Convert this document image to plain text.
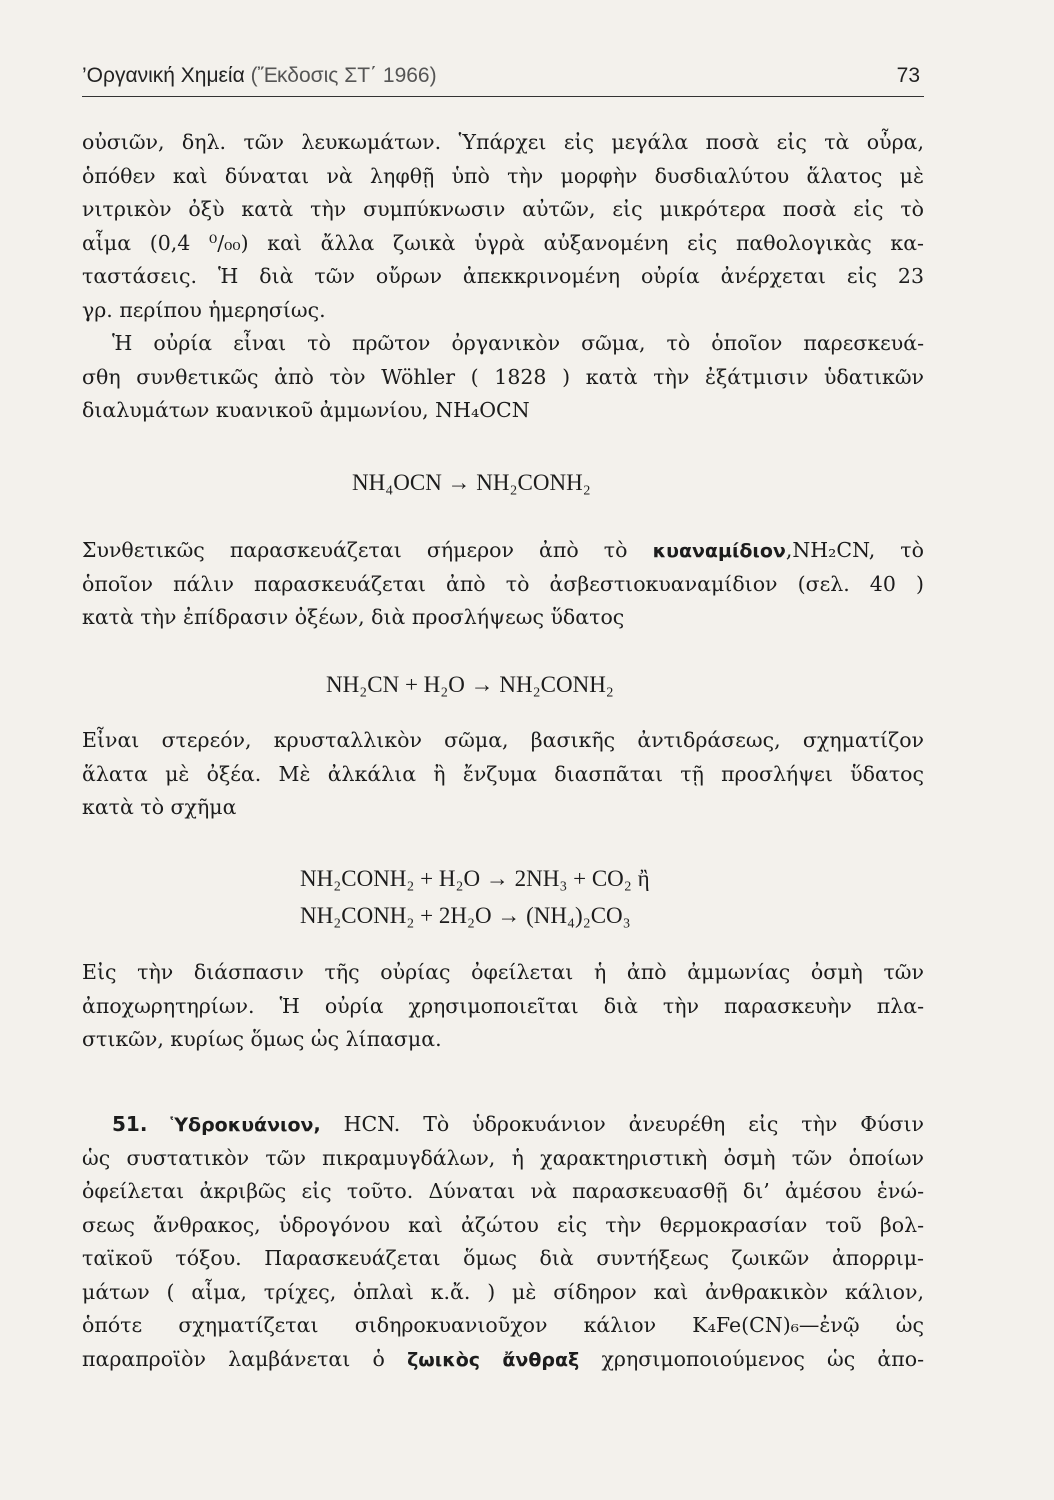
’Οργανική Χημεία (Ἔκδοσις ΣΤ΄ 1966)	73
οὐσιῶν, δηλ. τῶν λευκωμάτων. Ὑπάρχει εἰς μεγάλα ποσὰ εἰς τὰ οὖρα,
ὁπόθεν καὶ δύναται νὰ ληφθῇ ὑπὸ τὴν μορφὴν δυσδιαλύτου ἅλατος μὲ
νιτρικὸν ὀξὺ κατὰ τὴν συμπύκνωσιν αὐτῶν, εἰς μικρότερα ποσὰ εἰς τὸ
αἷμα (0,4 ⁰/₀₀) καὶ ἄλλα ζωικὰ ὑγρὰ αὐξανομένη εἰς παθολογικὰς κα-
ταστάσεις. Ἡ διὰ τῶν οὔρων ἀπεκκρινομένη οὐρία ἀνέρχεται εἰς 23
γρ. περίπου ἡμερησίως.
Ἡ οὐρία εἶναι τὸ πρῶτον ὀργανικὸν σῶμα, τὸ ὁποῖον παρεσκευά-
σθη συνθετικῶς ἀπὸ τὸν Wöhler ( 1828 ) κατὰ τὴν ἐξάτμισιν ὑδατικῶν
διαλυμάτων κυανικοῦ ἀμμωνίου, NH₄OCN
NH₄OCN → NH₂CONH₂
Συνθετικῶς παρασκευάζεται σήμερον ἀπὸ τὸ κυαναμίδιον,NH₂CN, τὸ
ὁποῖον πάλιν παρασκευάζεται ἀπὸ τὸ ἀσβεστιοκυαναμίδιον (σελ. 40 )
κατὰ τὴν ἐπίδρασιν ὀξέων, διὰ προσλήψεως ὕδατος
NH₂CN + H₂O → NH₂CONH₂
Εἶναι στερεόν, κρυσταλλικὸν σῶμα, βασικῆς ἀντιδράσεως, σχηματίζον
ἅλατα μὲ ὀξέα. Μὲ ἀλκάλια ἢ ἔνζυμα διασπᾶται τῇ προσλήψει ὕδατος
κατὰ τὸ σχῆμα
NH₂CONH₂ + H₂O → 2NH₃ + CO₂ ἢ
NH₂CONH₂ + 2H₂O → (NH₄)₂CO₃
Εἰς τὴν διάσπασιν τῆς οὐρίας ὀφείλεται ἡ ἀπὸ ἀμμωνίας ὀσμὴ τῶν
ἀποχωρητηρίων. Ἡ οὐρία χρησιμοποιεῖται διὰ τὴν παρασκευὴν πλα-
στικῶν, κυρίως ὅμως ὡς λίπασμα.
51. Ὑδροκυάνιον, HCN. Τὸ ὑδροκυάνιον ἀνευρέθη εἰς τὴν Φύσιν
ὡς συστατικὸν τῶν πικραμυγδάλων, ἡ χαρακτηριστικὴ ὀσμὴ τῶν ὁποίων
ὀφείλεται ἀκριβῶς εἰς τοῦτο. Δύναται νὰ παρασκευασθῇ δι’ ἀμέσου ἑνώ-
σεως ἄνθρακος, ὑδρογόνου καὶ ἀζώτου εἰς τὴν θερμοκρασίαν τοῦ βολ-
ταϊκοῦ τόξου. Παρασκευάζεται ὅμως διὰ συντήξεως ζωικῶν ἀπορριμ-
μάτων ( αἷμα, τρίχες, ὁπλαὶ κ.ἄ. ) μὲ σίδηρον καὶ ἀνθρακικὸν κάλιον,
ὁπότε σχηματίζεται σιδηροκυανιοῦχον κάλιον K₄Fe(CN)₆—ἐνῷ ὡς
παραπροϊὸν λαμβάνεται ὁ ζωικὸς ἄνθραξ χρησιμοποιούμενος ὡς ἀπο-
